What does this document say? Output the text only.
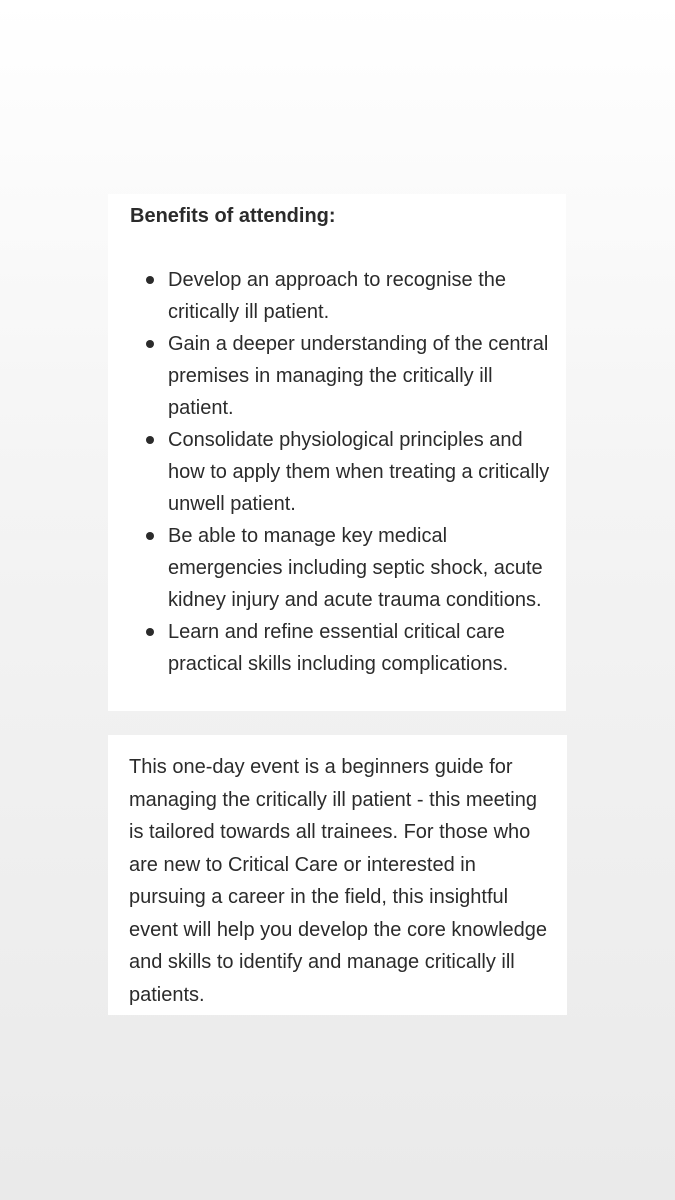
Benefits of attending:
Develop an approach to recognise the critically ill patient.
Gain a deeper understanding of the central premises in managing the critically ill patient.
Consolidate physiological principles and how to apply them when treating a critically unwell patient.
Be able to manage key medical emergencies including septic shock, acute kidney injury and acute trauma conditions.
Learn and refine essential critical care practical skills including complications.

This one-day event is a beginners guide for managing the critically ill patient - this meeting is tailored towards all trainees. For those who are new to Critical Care or interested in pursuing a career in the field, this insightful event will help you develop the core knowledge and skills to identify and manage critically ill patients.
